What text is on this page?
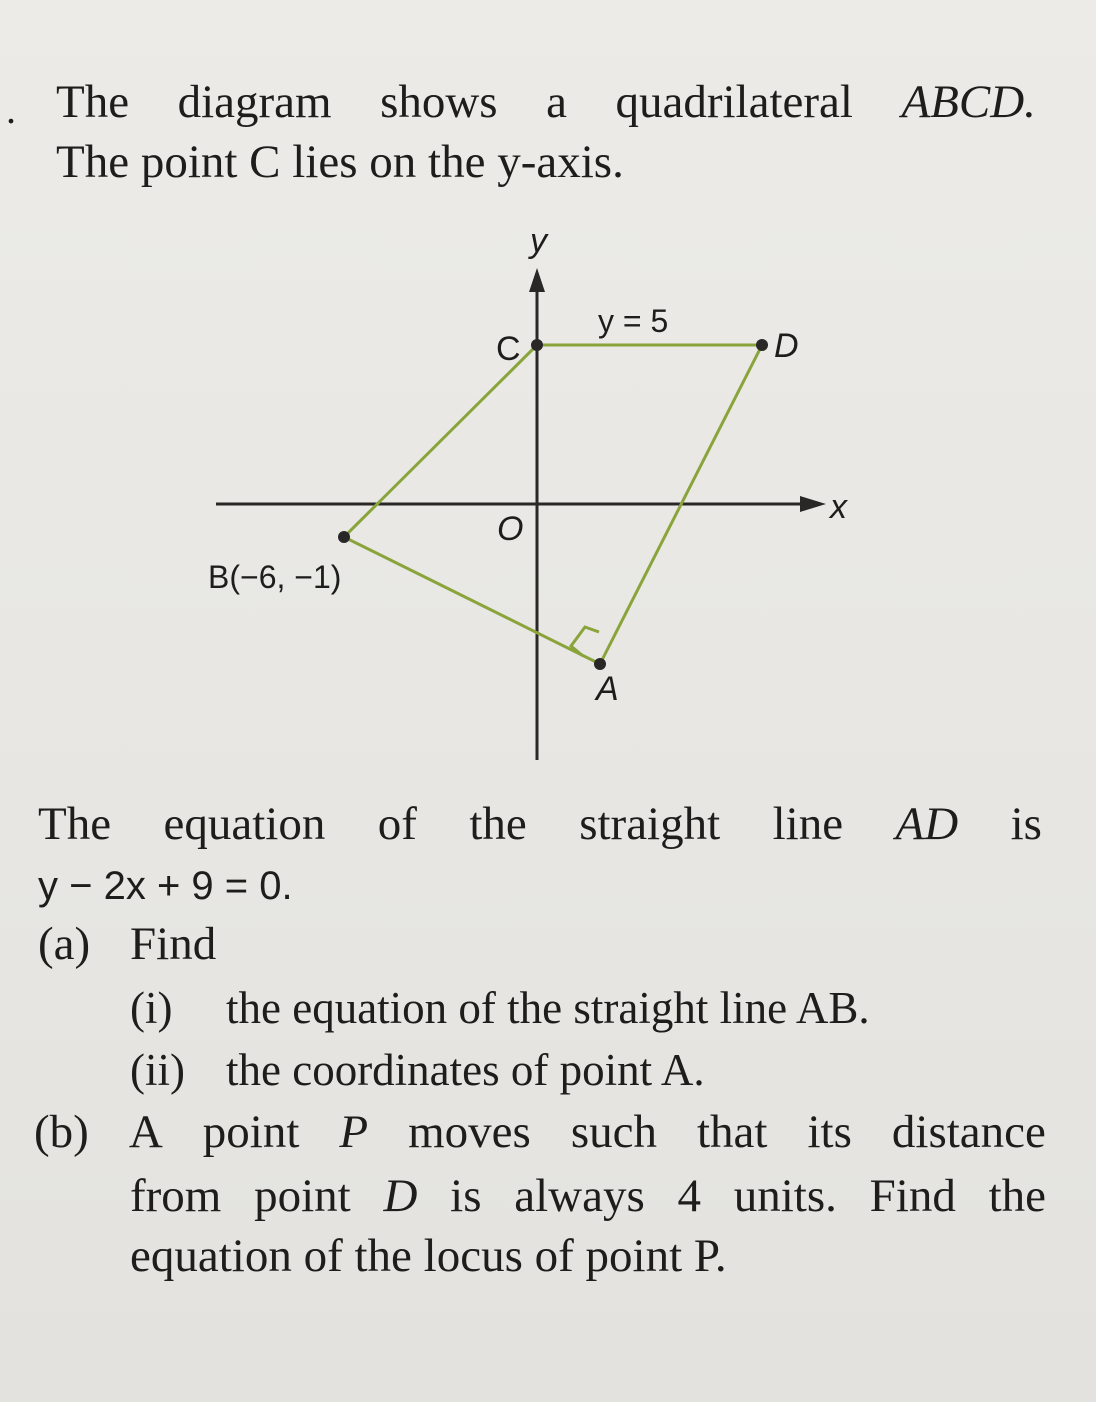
. The diagram shows a quadrilateral ABCD.
The point C lies on the y-axis.
y
x
O
y = 5
C	D
B(−6, −1)
A
The equation of the straight line AD is
y − 2x + 9 = 0.
(a) Find
(i) the equation of the straight line AB.
(ii) the coordinates of point A.
(b) A point P moves such that its distance
from point D is always 4 units. Find the
equation of the locus of point P.
